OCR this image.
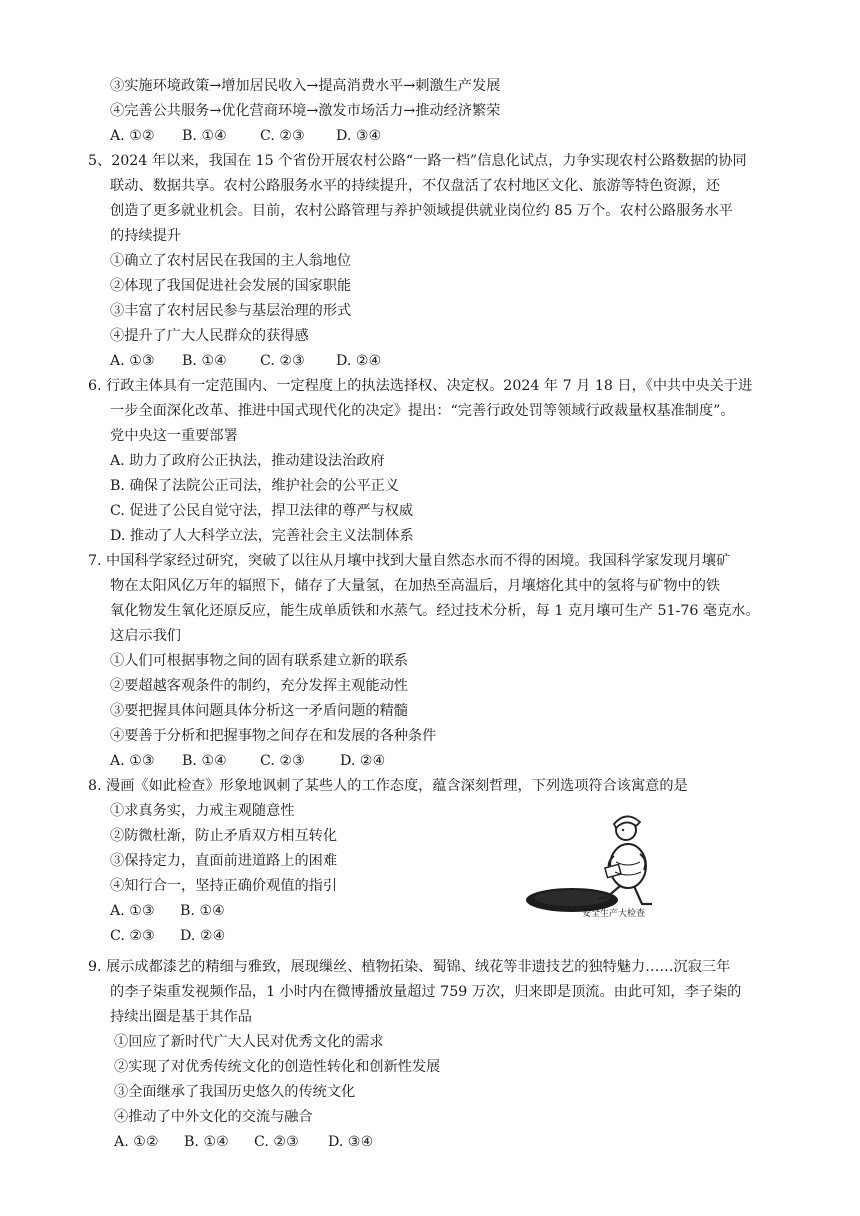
③实施环境政策→增加居民收入→提高消费水平→刺激生产发展
④完善公共服务→优化营商环境→激发市场活力→推动经济繁荣
A. ①② B. ①④ C. ②③ D. ③④
5、2024 年以来，我国在 15 个省份开展农村公路“一路一档”信息化试点，力争实现农村公路数据的协同
联动、数据共享。农村公路服务水平的持续提升，不仅盘活了农村地区文化、旅游等特色资源，还
创造了更多就业机会。目前，农村公路管理与养护领域提供就业岗位约 85 万个。农村公路服务水平
的持续提升
①确立了农村居民在我国的主人翁地位
②体现了我国促进社会发展的国家职能
③丰富了农村居民参与基层治理的形式
④提升了广大人民群众的获得感
A. ①③ B. ①④ C. ②③ D. ②④
6. 行政主体具有一定范围内、一定程度上的执法选择权、决定权。2024 年 7 月 18 日，《中共中央关于进
一步全面深化改革、推进中国式现代化的决定》提出：“完善行政处罚等领域行政裁量权基准制度”。
党中央这一重要部署
A. 助力了政府公正执法，推动建设法治政府
B. 确保了法院公正司法，维护社会的公平正义
C. 促进了公民自觉守法，捍卫法律的尊严与权威
D. 推动了人大科学立法，完善社会主义法制体系
7. 中国科学家经过研究，突破了以往从月壤中找到大量自然态水而不得的困境。我国科学家发现月壤矿
物在太阳风亿万年的辐照下，储存了大量氢，在加热至高温后，月壤熔化其中的氢将与矿物中的铁
氧化物发生氧化还原反应，能生成单质铁和水蒸气。经过技术分析，每 1 克月壤可生产 51-76 毫克水。
这启示我们
①人们可根据事物之间的固有联系建立新的联系
②要超越客观条件的制约，充分发挥主观能动性
③要把握具体问题具体分析这一矛盾问题的精髓
④要善于分析和把握事物之间存在和发展的各种条件
A. ①③ B. ①④ C. ②③ D. ②④
8. 漫画《如此检查》形象地讽刺了某些人的工作态度，蕴含深刻哲理，下列选项符合该寓意的是
①求真务实，力戒主观随意性
②防微杜渐，防止矛盾双方相互转化
③保持定力，直面前进道路上的困难
④知行合一，坚持正确价观值的指引
A. ①③ B. ①④
C. ②③ D. ②④
安全生产大检查
9. 展示成都漆艺的精细与雅致，展现缫丝、植物拓染、蜀锦、绒花等非遗技艺的独特魅力……沉寂三年
的李子柒重发视频作品，1 小时内在微博播放量超过 759 万次，归来即是顶流。由此可知，李子柒的
持续出圈是基于其作品
①回应了新时代广大人民对优秀文化的需求
②实现了对优秀传统文化的创造性转化和创新性发展
③全面继承了我国历史悠久的传统文化
④推动了中外文化的交流与融合
A. ①② B. ①④ C. ②③ D. ③④
